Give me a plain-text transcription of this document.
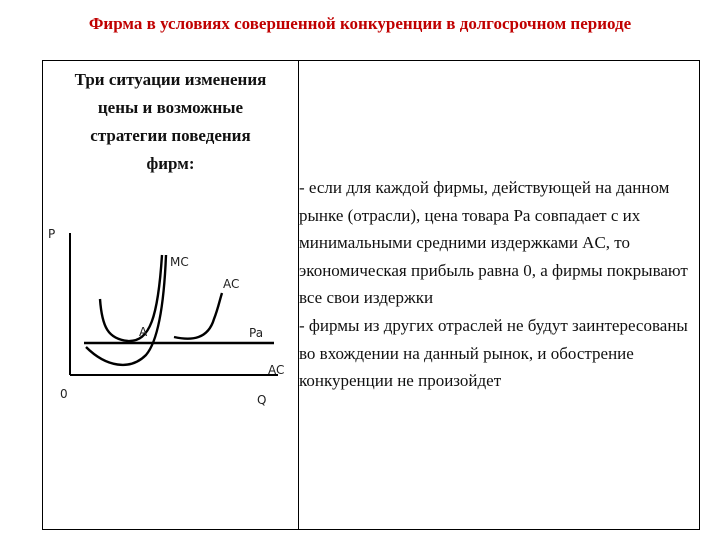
Фирма в условиях совершенной конкуренции в долгосрочном периоде
Три ситуации изменения
цены и возможные
стратегии поведения
фирм:

- если для каждой фирмы, действующей на данном рынке (отрасли), цена товара Pa совпадает с их минимальными средними издержками AC, то экономическая прибыль равна 0, а фирмы покрывают все свои издержки

- фирмы из других отраслей не будут заинтересованы во вхождении на данный рынок, и обострение конкуренции не произойдет

P
0	Q
MC
AC
A	Pa
AC
